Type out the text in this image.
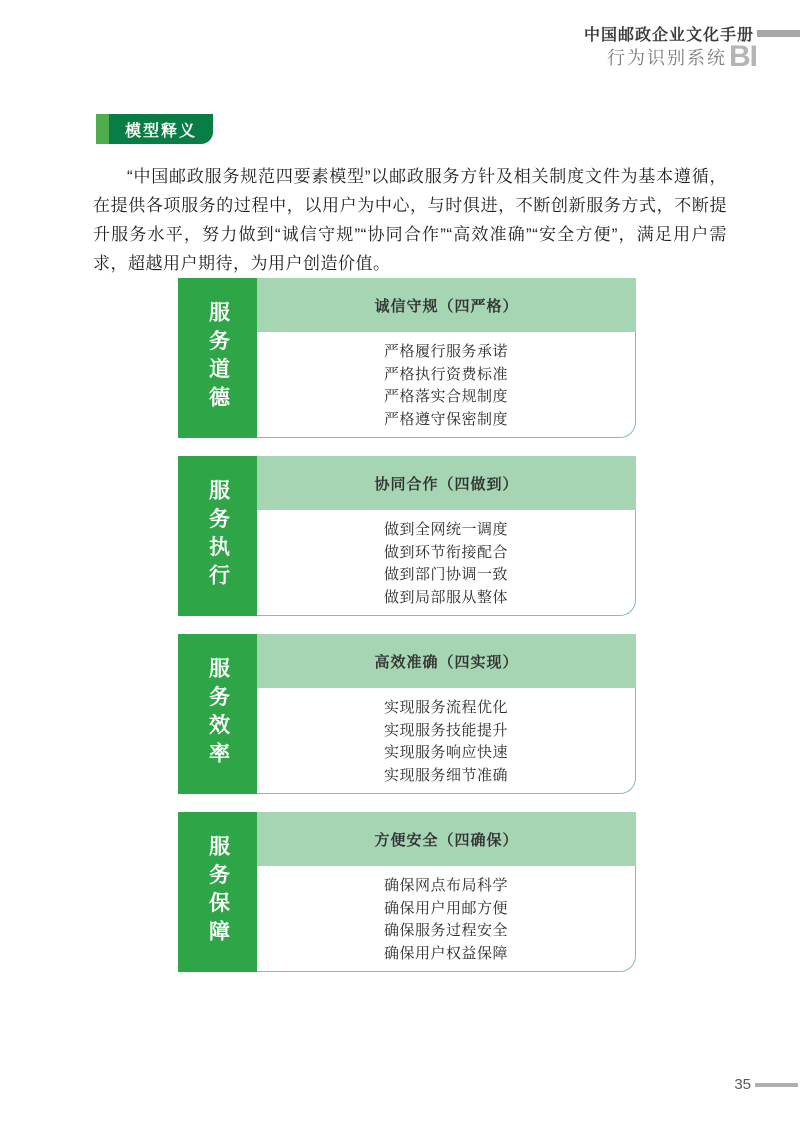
中国邮政企业文化手册
行为识别系统 BI
模型释义

“中国邮政服务规范四要素模型”以邮政服务方针及相关制度文件为基本遵循，在提供各项服务的过程中，以用户为中心，与时俱进，不断创新服务方式，不断提升服务水平，努力做到“诚信守规”“协同合作”“高效准确”“安全方便”，满足用户需求，超越用户期待，为用户创造价值。

服务道德	诚信守规（四严格）
严格履行服务承诺
严格执行资费标准
严格落实合规制度
严格遵守保密制度
服务执行	协同合作（四做到）
做到全网统一调度
做到环节衔接配合
做到部门协调一致
做到局部服从整体
服务效率	高效准确（四实现）
实现服务流程优化
实现服务技能提升
实现服务响应快速
实现服务细节准确
服务保障	方便安全（四确保）
确保网点布局科学
确保用户用邮方便
确保服务过程安全
确保用户权益保障
35
